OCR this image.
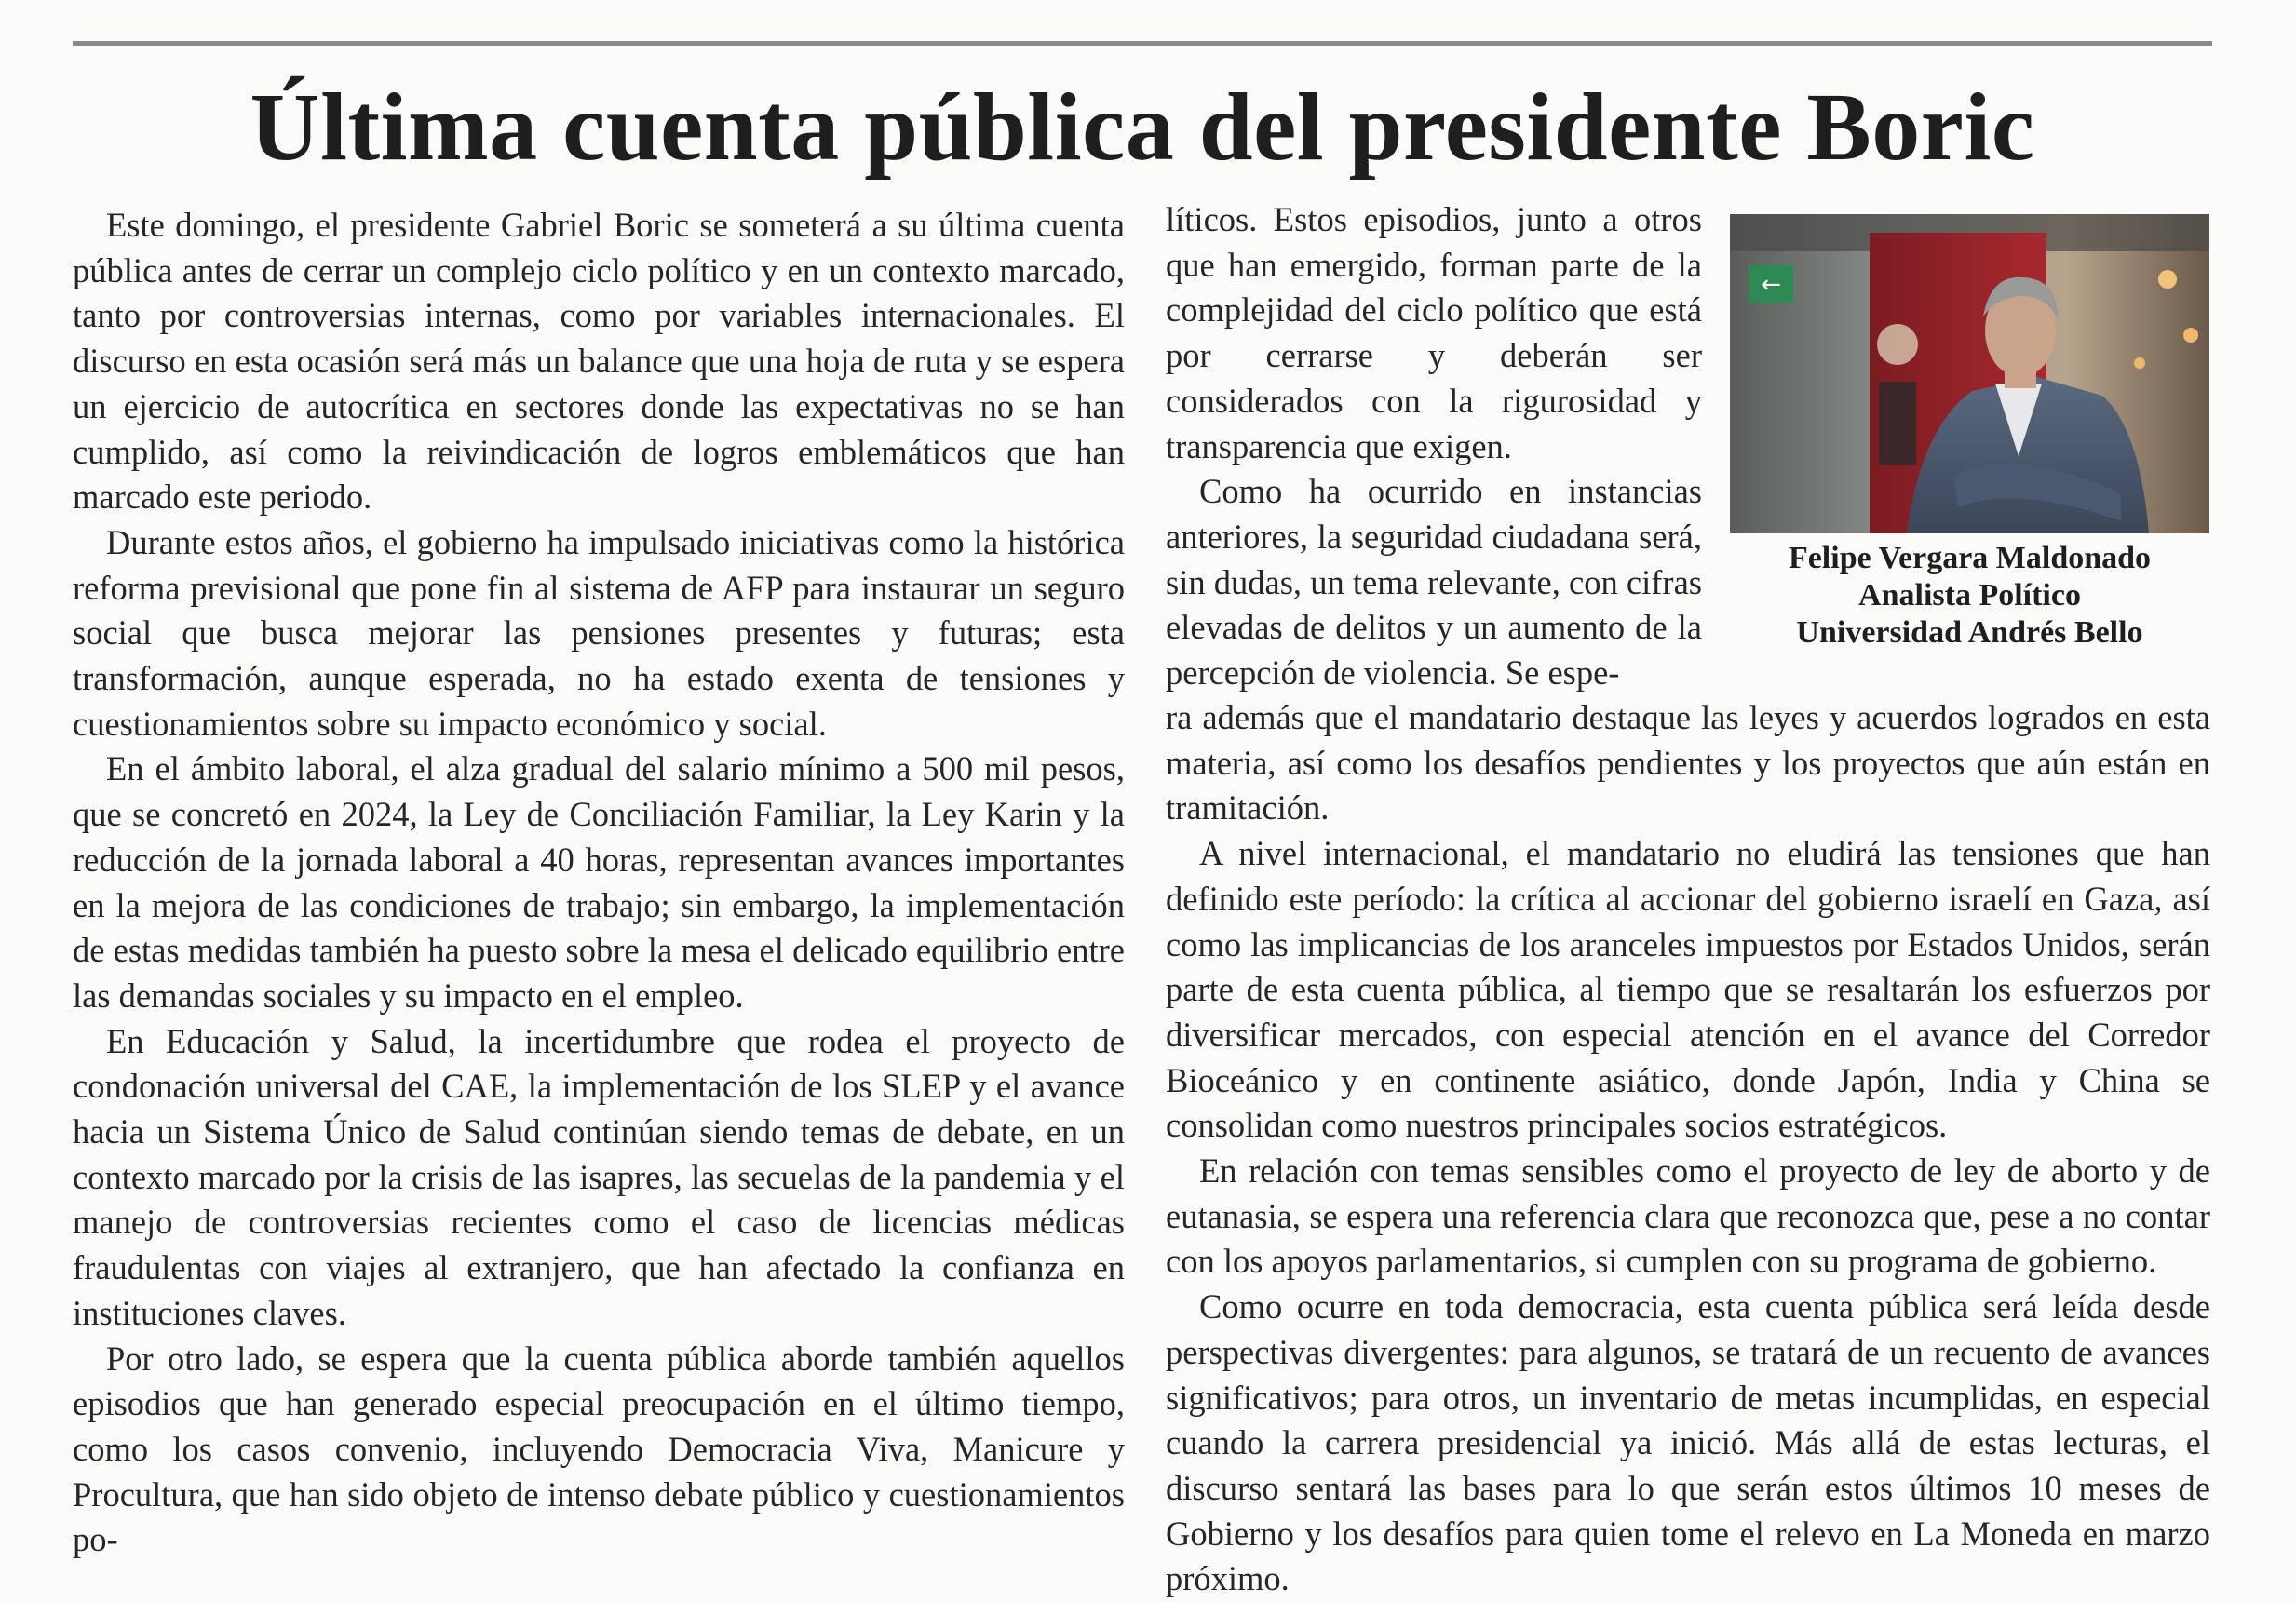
Última cuenta pública del presidente Boric

Este domingo, el presidente Gabriel Boric se someterá a su última cuenta pública antes de cerrar un complejo ciclo político y en un contexto marcado, tanto por controversias internas, como por variables internacionales. El discurso en esta ocasión será más un balance que una hoja de ruta y se espera un ejercicio de autocrítica en sectores donde las expectativas no se han cumplido, así como la reivindicación de logros emblemáticos que han marcado este periodo.

Durante estos años, el gobierno ha impulsado iniciativas como la histórica reforma previsional que pone fin al sistema de AFP para instaurar un seguro social que busca mejorar las pensiones presentes y futuras; esta transformación, aunque esperada, no ha estado exenta de tensiones y cuestionamientos sobre su impacto económico y social.

En el ámbito laboral, el alza gradual del salario mínimo a 500 mil pesos, que se concretó en 2024, la Ley de Conciliación Familiar, la Ley Karin y la reducción de la jornada laboral a 40 horas, representan avances importantes en la mejora de las condiciones de trabajo; sin embargo, la implementación de estas medidas también ha puesto sobre la mesa el delicado equilibrio entre las demandas sociales y su impacto en el empleo.

En Educación y Salud, la incertidumbre que rodea el proyecto de condonación universal del CAE, la implementación de los SLEP y el avance hacia un Sistema Único de Salud continúan siendo temas de debate, en un contexto marcado por la crisis de las isapres, las secuelas de la pandemia y el manejo de controversias recientes como el caso de licencias médicas fraudulentas con viajes al extranjero, que han afectado la confianza en instituciones claves.

Por otro lado, se espera que la cuenta pública aborde también aquellos episodios que han generado especial preocupación en el último tiempo, como los casos convenio, incluyendo Democracia Viva, Manicure y Procultura, que han sido objeto de intenso debate público y cuestionamientos po-

líticos. Estos episodios, junto a otros que han emergido, forman parte de la complejidad del ciclo político que está por cerrarse y deberán ser considerados con la rigurosidad y transparencia que exigen.

Como ha ocurrido en instancias anteriores, la seguridad ciudadana será, sin dudas, un tema relevante, con cifras elevadas de delitos y un aumento de la percepción de violencia. Se espe-

ra además que el mandatario destaque las leyes y acuerdos logrados en esta materia, así como los desafíos pendientes y los proyectos que aún están en tramitación.

A nivel internacional, el mandatario no eludirá las tensiones que han definido este período: la crítica al accionar del gobierno israelí en Gaza, así como las implicancias de los aranceles impuestos por Estados Unidos, serán parte de esta cuenta pública, al tiempo que se resaltarán los esfuerzos por diversificar mercados, con especial atención en el avance del Corredor Bioceánico y en continente asiático, donde Japón, India y China se consolidan como nuestros principales socios estratégicos.

En relación con temas sensibles como el proyecto de ley de aborto y de eutanasia, se espera una referencia clara que reconozca que, pese a no contar con los apoyos parlamentarios, si cumplen con su programa de gobierno.

Como ocurre en toda democracia, esta cuenta pública será leída desde perspectivas divergentes: para algunos, se tratará de un recuento de avances significativos; para otros, un inventario de metas incumplidas, en especial cuando la carrera presidencial ya inició. Más allá de estas lecturas, el discurso sentará las bases para lo que serán estos últimos 10 meses de Gobierno y los desafíos para quien tome el relevo en La Moneda en marzo próximo.

←
Felipe Vergara Maldonado
Analista Político
Universidad Andrés Bello
